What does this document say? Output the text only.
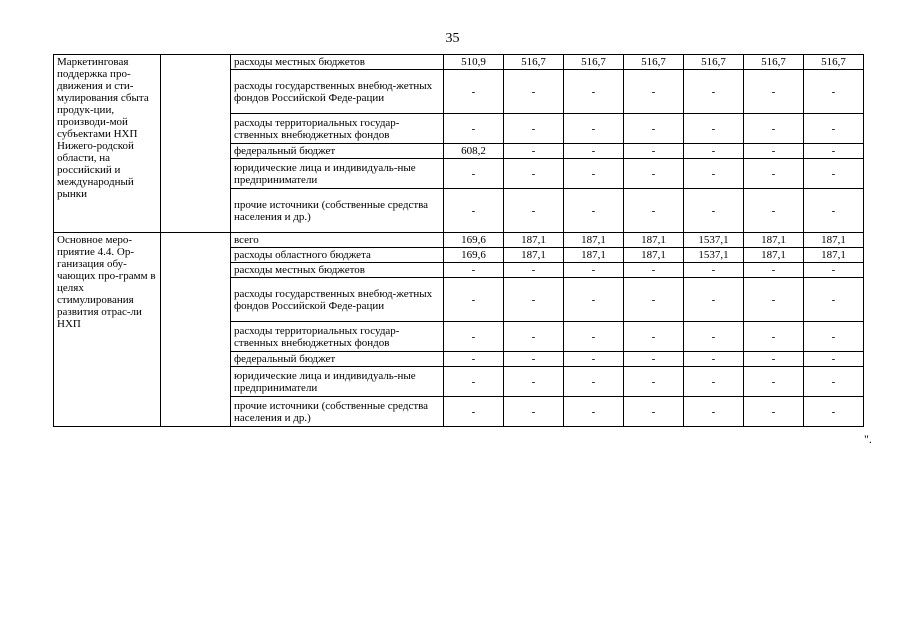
35
Маркетинговая поддержка про-движения и сти-мулирования сбыта продук-ции, производи-мой субъектами НХП Нижего-родской области, на российский и международный рынки		расходы местных бюджетов	510,9	516,7	516,7	516,7	516,7	516,7	516,7
		расходы государственных внебюд-жетных фондов Российской Феде-рации	-	-	-	-	-	-	-
		расходы территориальных государ-ственных внебюджетных фондов	-	-	-	-	-	-	-
		федеральный бюджет	608,2	-	-	-	-	-	-
		юридические лица и индивидуаль-ные предприниматели	-	-	-	-	-	-	-
		прочие источники (собственные средства населения и др.)	-	-	-	-	-	-	-
Основное меро-приятие 4.4. Ор-ганизация обу-чающих про-грамм в целях стимулирования развития отрас-ли НХП		всего	169,6	187,1	187,1	187,1	1537,1	187,1	187,1
		расходы областного бюджета	169,6	187,1	187,1	187,1	1537,1	187,1	187,1
		расходы местных бюджетов	-	-	-	-	-	-	-
		расходы государственных внебюд-жетных фондов Российской Феде-рации	-	-	-	-	-	-	-
		расходы территориальных государ-ственных внебюджетных фондов	-	-	-	-	-	-	-
		федеральный бюджет	-	-	-	-	-	-	-
		юридические лица и индивидуаль-ные предприниматели	-	-	-	-	-	-	-
		прочие источники (собственные средства населения и др.)	-	-	-	-	-	-	-
".
